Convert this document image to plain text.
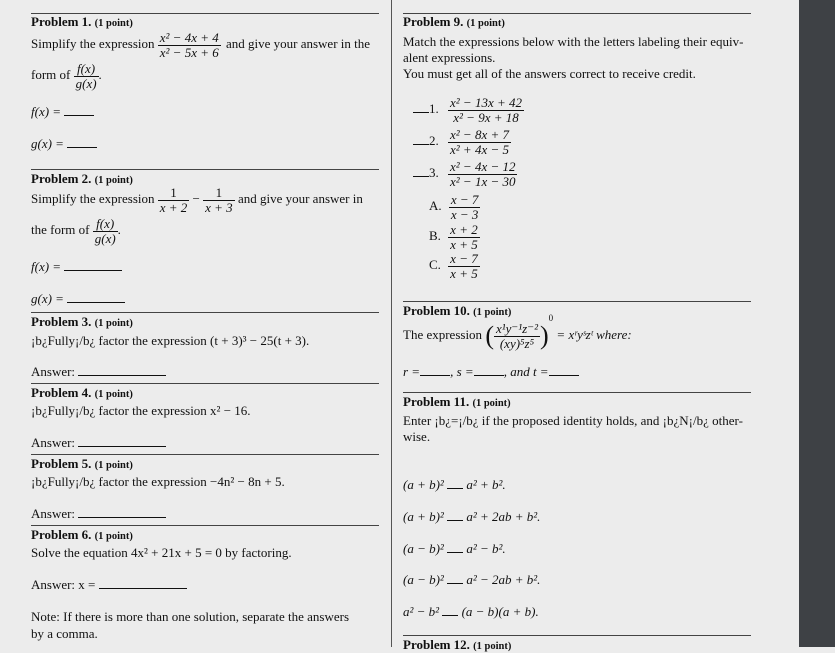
Problem 1. (1 point)
Simplify the expression $\frac{\text{x² − 4x + 4}}{\text{x² − 5x + 6}}$ and give your answer in the
form of $\frac{f(x)}{g(x)}$ .
f(x) =
g(x) =
Problem 2. (1 point)
Simplify the expression $\frac{1}{x + 2} - \frac{1}{x + 3}$ and give your answer in
the form of $\frac{f(x)}{g(x)}$ .
f(x) =
g(x) =
Problem 3. (1 point)
¡b¿Fully¡/b¿ factor the expression (t + 3)³ − 25(t + 3).
Answer:
Problem 4. (1 point)
¡b¿Fully¡/b¿ factor the expression x² − 16.
Answer:
Problem 5. (1 point)
¡b¿Fully¡/b¿ factor the expression −4n² − 8n + 5.
Answer:
Problem 6. (1 point)
Solve the equation 4x² + 21x + 5 = 0 by factoring.
Answer: x =
Note: If there is more than one solution, separate the answers
by a comma.
Problem 9. (1 point)
Match the expressions below with the letters labeling their equiv-
alent expressions.
You must get all of the answers correct to receive credit.
1. $\frac{\text{x² − 13x + 42}}{\text{x² − 9x + 18}}$
2. $\frac{\text{x² − 8x + 7}}{\text{x² + 4x − 5}}$
3. $\frac{\text{x² − 4x − 12}}{\text{x² − 1x − 30}}$
A. $\frac{x - 7}{x - 3}$
B. $\frac{x + 2}{x + 5}$
C. $\frac{x - 7}{x + 5}$
Problem 10. (1 point)
The expression ( $\frac{\text{x¹y⁻¹z⁻²}}{\text{(xy)⁵z⁵}} )^0$ = xʳyˢzᵗ where:
r = , s = , and t =
Problem 11. (1 point)
Enter ¡b¿=¡/b¿ if the proposed identity holds, and ¡b¿N¡/b¿ other-
wise.
(a + b)² a² + b².
(a + b)² a² + 2ab + b².
(a − b)² a² − b².
(a − b)² a² − 2ab + b².
a² − b² (a − b)(a + b).
Problem 12. (1 point)
